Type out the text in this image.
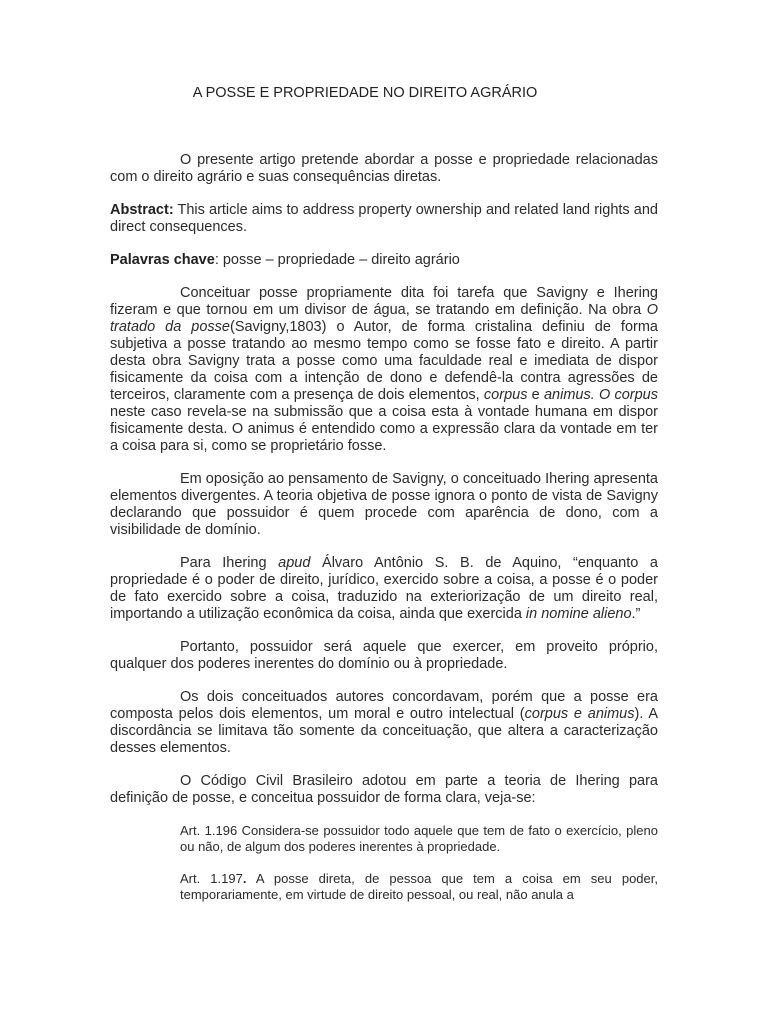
A POSSE E PROPRIEDADE NO DIREITO AGRÁRIO

O presente artigo pretende abordar a posse e propriedade relacionadas com o direito agrário e suas consequências diretas.

Abstract: This article aims to address property ownership and related land rights and direct consequences.

Palavras chave: posse – propriedade – direito agrário

Conceituar posse propriamente dita foi tarefa que Savigny e Ihering fizeram e que tornou em um divisor de água, se tratando em definição. Na obra O tratado da posse(Savigny,1803) o Autor, de forma cristalina definiu de forma subjetiva a posse tratando ao mesmo tempo como se fosse fato e direito. A partir desta obra Savigny trata a posse como uma faculdade real e imediata de dispor fisicamente da coisa com a intenção de dono e defendê-la contra agressões de terceiros, claramente com a presença de dois elementos, corpus e animus. O corpus neste caso revela-se na submissão que a coisa esta à vontade humana em dispor fisicamente desta. O animus é entendido como a expressão clara da vontade em ter a coisa para si, como se proprietário fosse.

Em oposição ao pensamento de Savigny, o conceituado Ihering apresenta elementos divergentes. A teoria objetiva de posse ignora o ponto de vista de Savigny declarando que possuidor é quem procede com aparência de dono, com a visibilidade de domínio.

Para Ihering apud Álvaro Antônio S. B. de Aquino, “enquanto a propriedade é o poder de direito, jurídico, exercido sobre a coisa, a posse é o poder de fato exercido sobre a coisa, traduzido na exteriorização de um direito real, importando a utilização econômica da coisa, ainda que exercida in nomine alieno.”

Portanto, possuidor será aquele que exercer, em proveito próprio, qualquer dos poderes inerentes do domínio ou à propriedade.

Os dois conceituados autores concordavam, porém que a posse era composta pelos dois elementos, um moral e outro intelectual (corpus e animus). A discordância se limitava tão somente da conceituação, que altera a caracterização desses elementos.

O Código Civil Brasileiro adotou em parte a teoria de Ihering para definição de posse, e conceitua possuidor de forma clara, veja-se:

Art. 1.196 Considera-se possuidor todo aquele que tem de fato o exercício, pleno ou não, de algum dos poderes inerentes à propriedade.

Art. 1.197. A posse direta, de pessoa que tem a coisa em seu poder, temporariamente, em virtude de direito pessoal, ou real, não anula a
